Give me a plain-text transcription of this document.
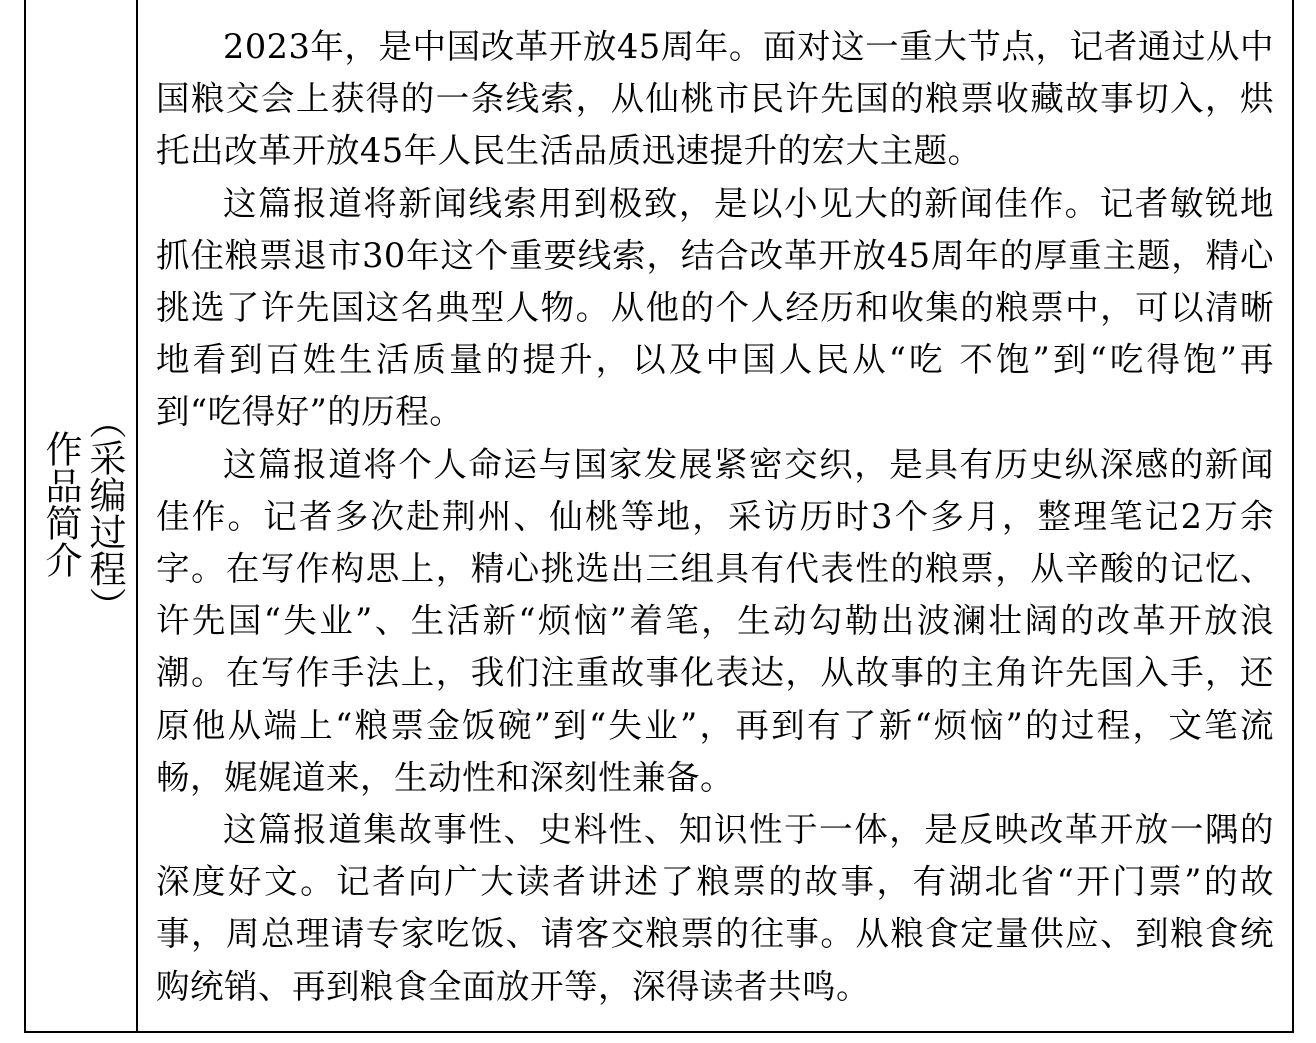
（采编过程）
作品简介

2023年，是中国改革开放45周年。面对这一重大节点，记者通过从中国粮交会上获得的一条线索，从仙桃市民许先国的粮票收藏故事切入，烘托出改革开放45年人民生活品质迅速提升的宏大主题。

这篇报道将新闻线索用到极致，是以小见大的新闻佳作。记者敏锐地抓住粮票退市30年这个重要线索，结合改革开放45周年的厚重主题，精心挑选了许先国这名典型人物。从他的个人经历和收集的粮票中，可以清晰地看到百姓生活质量的提升，以及中国人民从“吃 不饱”到“吃得饱”再到“吃得好”的历程。

这篇报道将个人命运与国家发展紧密交织，是具有历史纵深感的新闻佳作。记者多次赴荆州、仙桃等地，采访历时3个多月，整理笔记2万余字。在写作构思上，精心挑选出三组具有代表性的粮票，从辛酸的记忆、许先国“失业”、生活新“烦恼”着笔，生动勾勒出波澜壮阔的改革开放浪潮。在写作手法上，我们注重故事化表达，从故事的主角许先国入手，还原他从端上“粮票金饭碗”到“失业”，再到有了新“烦恼”的过程，文笔流畅，娓娓道来，生动性和深刻性兼备。

这篇报道集故事性、史料性、知识性于一体，是反映改革开放一隅的深度好文。记者向广大读者讲述了粮票的故事，有湖北省“开门票”的故事，周总理请专家吃饭、请客交粮票的往事。从粮食定量供应、到粮食统购统销、再到粮食全面放开等，深得读者共鸣。
